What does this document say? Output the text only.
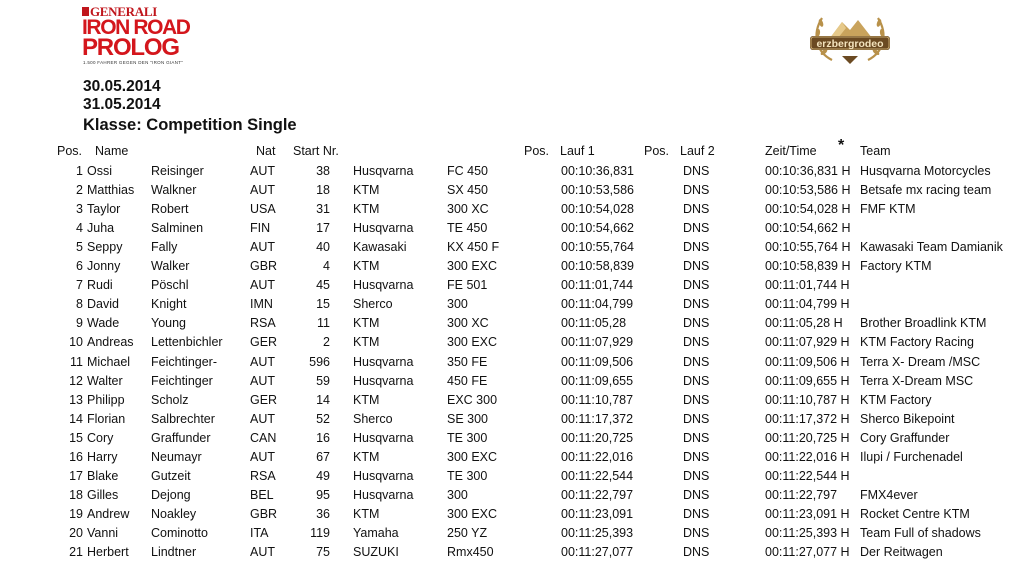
GENERALI
IRON ROAD
PROLOG
1.500 FAHRER GEGEN DEN "IRON GIANT"
erzbergrodeo
30.05.2014
31.05.2014
Klasse: Competition Single
Pos. Name	Nat Start Nr.	Pos. Lauf 1	Pos. Lauf 2	Zeit/Time * Team
1 Ossi	Reisinger	AUT	38 Husqvarna	FC 450	00:10:36,831	DNS	00:10:36,831 H Husqvarna Motorcycles
2 Matthias Walkner	AUT	18 KTM	SX 450	00:10:53,586	DNS	00:10:53,586 H Betsafe mx racing team
3 Taylor Robert	USA	31 KTM	300 XC	00:10:54,028	DNS	00:10:54,028 H FMF KTM
4 Juha	Salminen	FIN	17 Husqvarna	TE 450	00:10:54,662	DNS	00:10:54,662 H
5 Seppy Fally	AUT	40 Kawasaki	KX 450 F	00:10:55,764	DNS	00:10:55,764 H Kawasaki Team Damianik
6 Jonny Walker	GBR	4 KTM	300 EXC	00:10:58,839	DNS	00:10:58,839 H Factory KTM
7 Rudi	Pöschl	AUT	45 Husqvarna	FE 501	00:11:01,744	DNS	00:11:01,744 H
8 David	Knight	IMN	15 Sherco	300	00:11:04,799	DNS	00:11:04,799 H
9 Wade	Young	RSA	11 KTM	300 XC	00:11:05,28	DNS	00:11:05,28 H Brother Broadlink KTM
10 Andreas Lettenbichler GER	2 KTM	300 EXC	00:11:07,929	DNS	00:11:07,929 H KTM Factory Racing
11 Michael Feichtinger-	AUT	596 Husqvarna	350 FE	00:11:09,506	DNS	00:11:09,506 H Terra X- Dream /MSC
12 Walter Feichtinger	AUT	59 Husqvarna	450 FE	00:11:09,655	DNS	00:11:09,655 H Terra X-Dream MSC
13 Philipp Scholz	GER	14 KTM	EXC 300	00:11:10,787	DNS	00:11:10,787 H KTM Factory
14 Florian Salbrechter	AUT	52 Sherco	SE 300	00:11:17,372	DNS	00:11:17,372 H Sherco Bikepoint
15 Cory	Graffunder	CAN	16 Husqvarna	TE 300	00:11:20,725	DNS	00:11:20,725 H Cory Graffunder
16 Harry	Neumayr	AUT	67 KTM	300 EXC	00:11:22,016	DNS	00:11:22,016 H Ilupi / Furchenadel
17 Blake	Gutzeit	RSA	49 Husqvarna	TE 300	00:11:22,544	DNS	00:11:22,544 H
18 Gilles	Dejong	BEL	95 Husqvarna	300	00:11:22,797	DNS	00:11:22,797 FMX4ever
19 Andrew Noakley	GBR	36 KTM	300 EXC	00:11:23,091	DNS	00:11:23,091 H Rocket Centre KTM
20 Vanni	Cominotto	ITA	119 Yamaha	250 YZ	00:11:25,393	DNS	00:11:25,393 H Team Full of shadows
21 Herbert Lindtner	AUT	75 SUZUKI	Rmx450	00:11:27,077	DNS	00:11:27,077 H Der Reitwagen
